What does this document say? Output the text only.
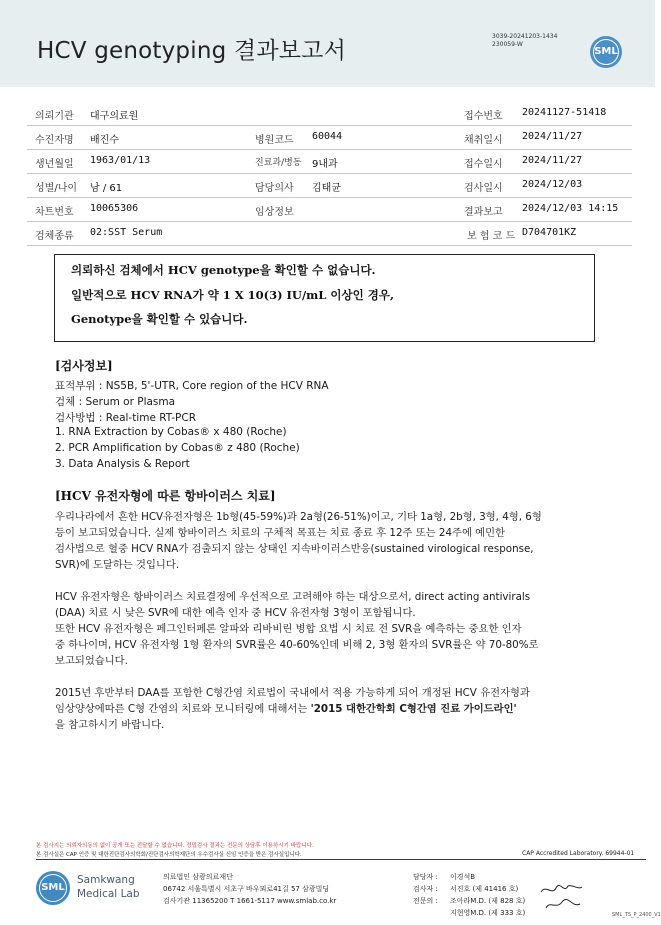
HCV genotyping 결과보고서
3039-20241203-1434
230059-W
SML
의뢰기관 대구의료원	접수번호 20241127-51418
수진자명 배진수	병원코드 60044	채취일시 2024/11/27
생년월일 1963/01/13	진료과/병동 9내과	접수일시 2024/11/27
성별/나이 남 / 61	담당의사 김태균	검사일시 2024/12/03
차트번호 10065306	임상정보	결과보고 2024/12/03 14:15
검체종류 02:SST Serum	보 험 코 드 D704701KZ
의뢰하신 검체에서 HCV genotype을 확인할 수 없습니다.
일반적으로 HCV RNA가 약 1 X 10(3) IU/mL 이상인 경우,
Genotype을 확인할 수 있습니다.
[검사정보]
표적부위 : NS5B, 5'-UTR, Core region of the HCV RNA
검체 : Serum or Plasma
검사방법 : Real-time RT-PCR
1. RNA Extraction by Cobas® x 480 (Roche)
2. PCR Amplification by Cobas® z 480 (Roche)
3. Data Analysis & Report
[HCV 유전자형에 따른 항바이러스 치료]
우리나라에서 흔한 HCV유전자형은 1b형(45-59%)과 2a형(26-51%)이고, 기타 1a형, 2b형, 3형, 4형, 6형
등이 보고되었습니다. 실제 항바이러스 치료의 구체적 목표는 치료 종료 후 12주 또는 24주에 예민한
검사법으로 혈중 HCV RNA가 검출되지 않는 상태인 지속바이러스반응(sustained virological response,
SVR)에 도달하는 것입니다.
HCV 유전자형은 항바이러스 치료결정에 우선적으로 고려해야 하는 대상으로서, direct acting antivirals
(DAA) 치료 시 낮은 SVR에 대한 예측 인자 중 HCV 유전자형 3형이 포함됩니다.
또한 HCV 유전자형은 페그인터페론 알파와 리바비린 병합 요법 시 치료 전 SVR을 예측하는 중요한 인자
중 하나이며, HCV 유전자형 1형 환자의 SVR률은 40-60%인데 비해 2, 3형 환자의 SVR률은 약 70-80%로
보고되었습니다.
2015년 후반부터 DAA를 포함한 C형간염 치료법이 국내에서 적용 가능하게 되어 개정된 HCV 유전자형과
임상양상에따른 C형 간염의 치료와 모니터링에 대해서는 '2015 대한간학회 C형간염 진료 가이드라인'
을 참고하시기 바랍니다.
본 검사지는 의뢰자의동의 없이 공개 또는 전달할 수 없습니다. 정밀검사 결과는 전문의 상담후 이용하시기 바랍니다.
본 검사실은 CAP 인증 및 대한진단검사의학회/진단검사의학재단의 우수검사실 신임 인증을 받은 검사실입니다.	CAP Accredited Laboratory. 69944-01
SML
Samkwang
Medical Lab
의료법인 삼광의료재단
06742 서울특별시 서초구 바우뫼로41길 57 삼광빌딩
검사기관 11365200 T 1661-5117 www.smlab.co.kr
담당자 : 이경석B
검사자 : 서진호 (제 41416 호)
전문의 : 조아라M.D. (제 828 호)
지현영M.D. (제 333 호)	SML_TS_P_2400_V1
